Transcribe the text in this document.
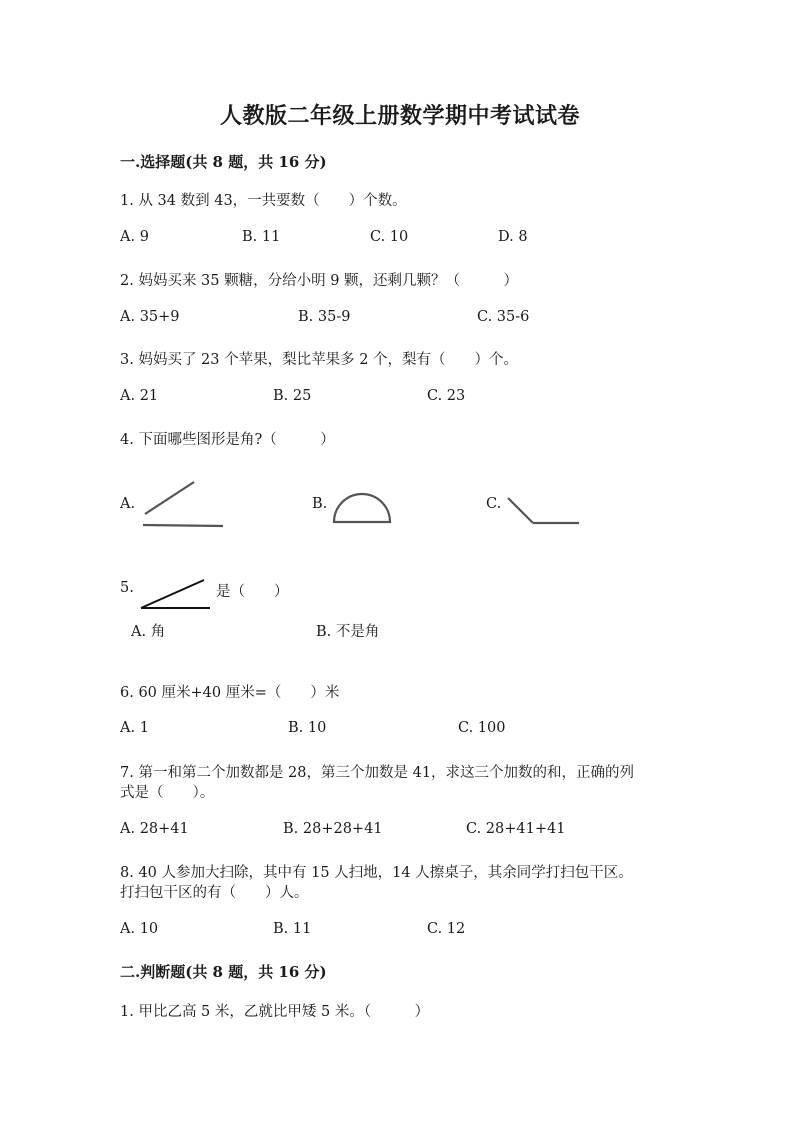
人教版二年级上册数学期中考试试卷
一.选择题(共 8 题，共 16 分)
1. 从 34 数到 43，一共要数（　　）个数。
A. 9	B. 11	C. 10	D. 8
2. 妈妈买来 35 颗糖，分给小明 9 颗，还剩几颗？（　　　）
A. 35+9	B. 35-9	C. 35-6
3. 妈妈买了 23 个苹果，梨比苹果多 2 个，梨有（　　）个。
A. 21	B. 25	C. 23
4. 下面哪些图形是角?（　　　）
A.	B.	C.
5.	是（　　）
A. 角	B. 不是角
6. 60 厘米+40 厘米=（　　）米
A. 1	B. 10	C. 100
7. 第一和第二个加数都是 28，第三个加数是 41，求这三个加数的和，正确的列
式是（　　）。
A. 28+41	B. 28+28+41	C. 28+41+41
8. 40 人参加大扫除，其中有 15 人扫地，14 人擦桌子，其余同学打扫包干区。
打扫包干区的有（　　）人。
A. 10	B. 11	C. 12
二.判断题(共 8 题，共 16 分)
1. 甲比乙高 5 米，乙就比甲矮 5 米。（　　　）
